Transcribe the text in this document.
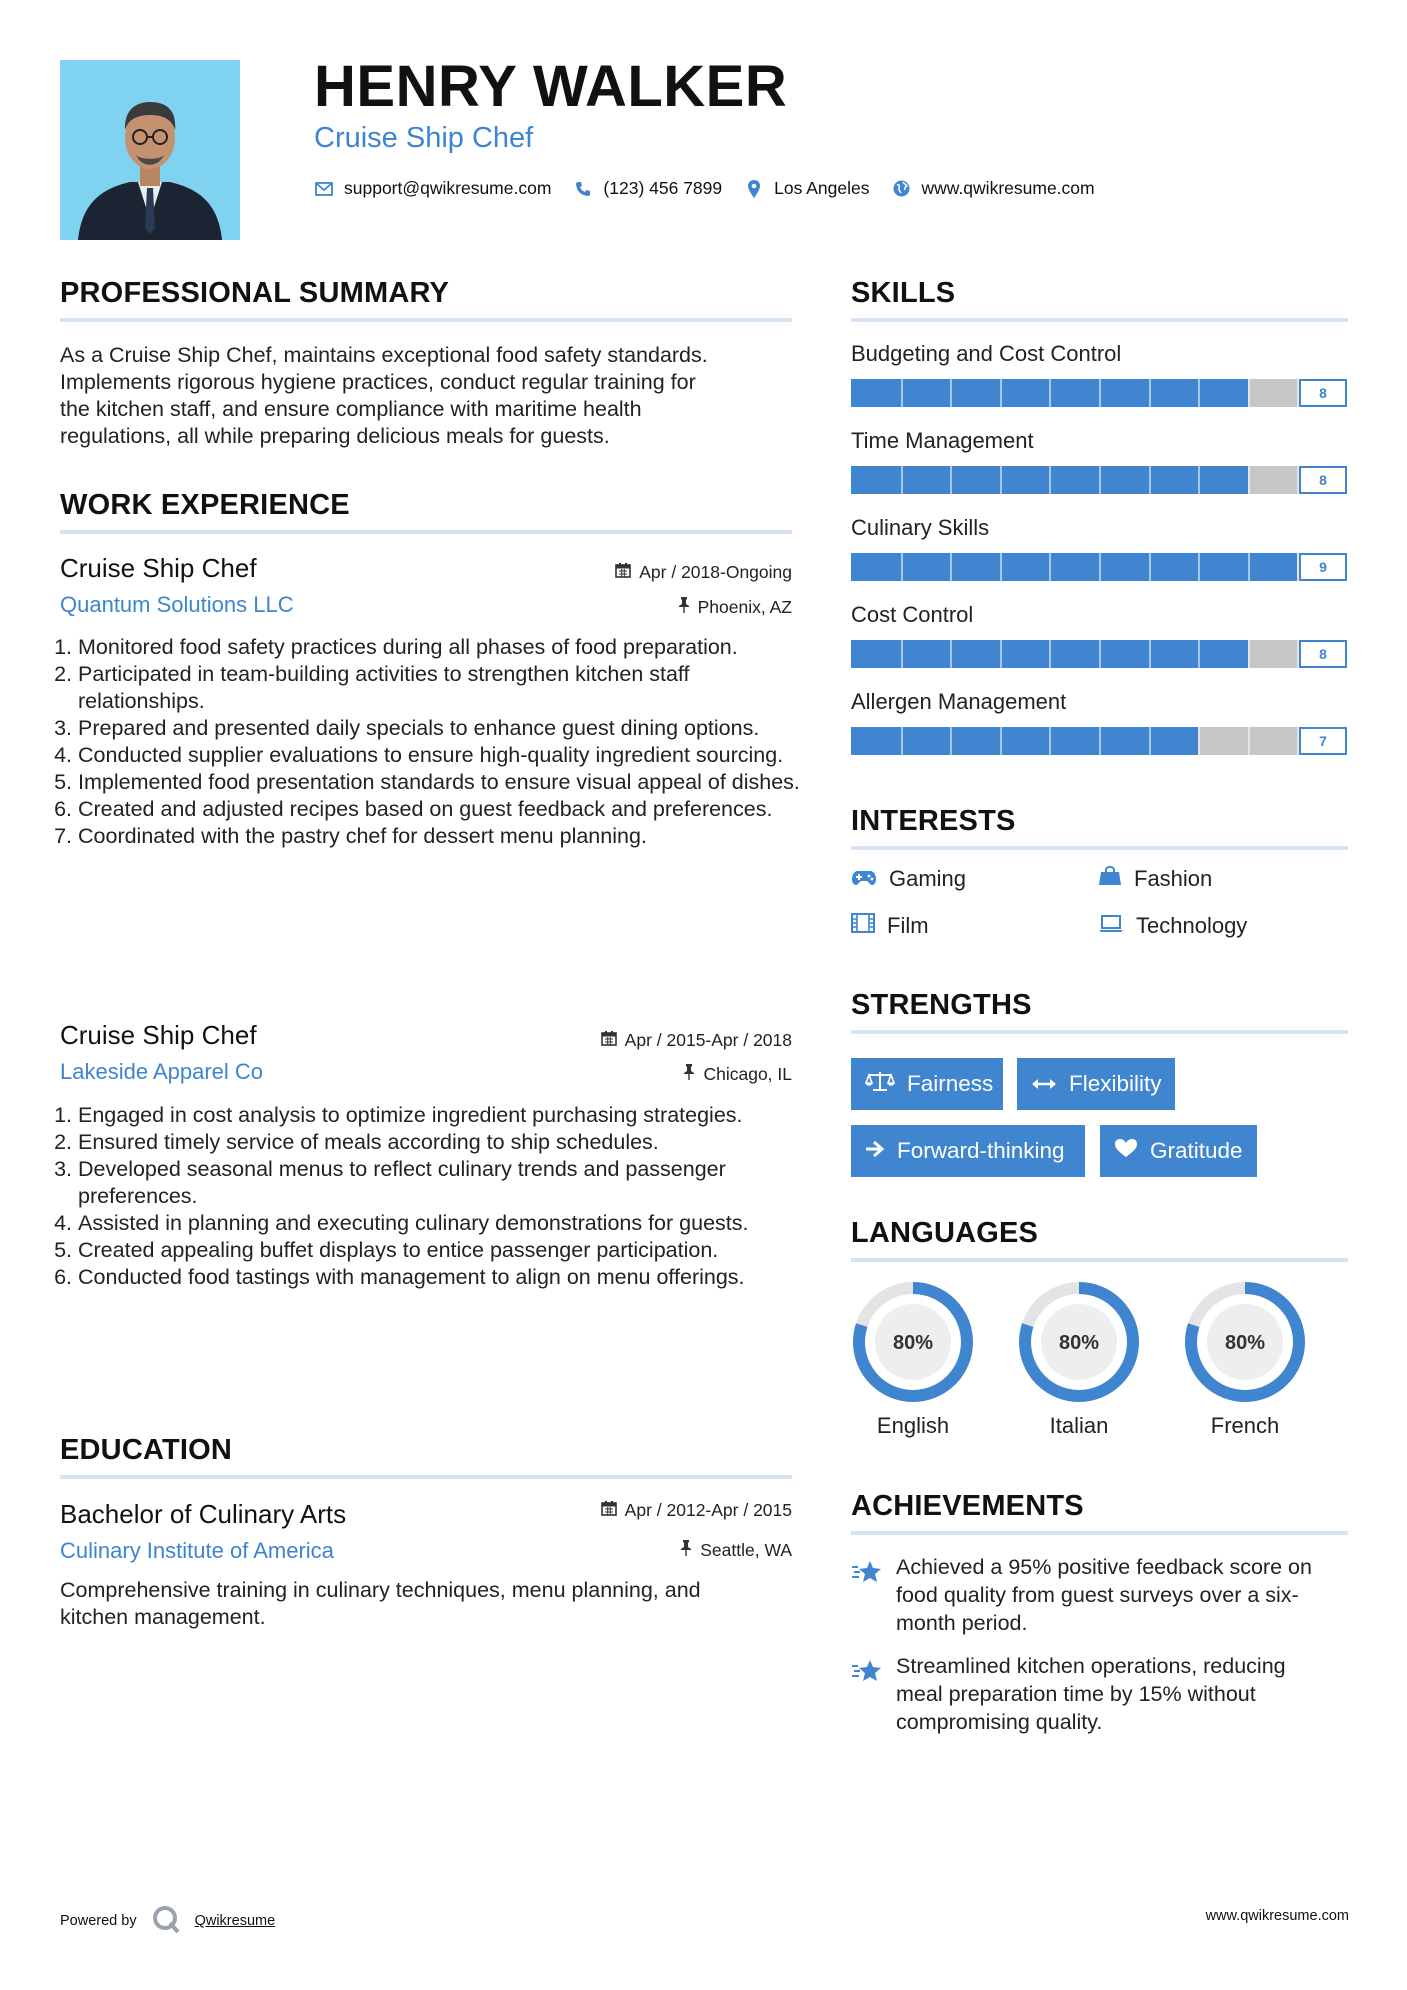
HENRY WALKER
Cruise Ship Chef
support@qwikresume.com	(123) 456 7899	Los Angeles	www.qwikresume.com
PROFESSIONAL SUMMARY
As a Cruise Ship Chef, maintains exceptional food safety standards.
Implements rigorous hygiene practices, conduct regular training for
the kitchen staff, and ensure compliance with maritime health
regulations, all while preparing delicious meals for guests.
WORK EXPERIENCE
Cruise Ship Chef	Apr / 2018-Ongoing
Quantum Solutions LLC	Phoenix, AZ
1. Monitored food safety practices during all phases of food preparation.
2. Participated in team-building activities to strengthen kitchen staff relationships.
3. Prepared and presented daily specials to enhance guest dining options.
4. Conducted supplier evaluations to ensure high-quality ingredient sourcing.
5. Implemented food presentation standards to ensure visual appeal of dishes.
6. Created and adjusted recipes based on guest feedback and preferences.
7. Coordinated with the pastry chef for dessert menu planning.
Cruise Ship Chef	Apr / 2015-Apr / 2018
Lakeside Apparel Co	Chicago, IL
1. Engaged in cost analysis to optimize ingredient purchasing strategies.
2. Ensured timely service of meals according to ship schedules.
3. Developed seasonal menus to reflect culinary trends and passenger preferences.
4. Assisted in planning and executing culinary demonstrations for guests.
5. Created appealing buffet displays to entice passenger participation.
6. Conducted food tastings with management to align on menu offerings.
EDUCATION
Bachelor of Culinary Arts	Apr / 2012-Apr / 2015
Culinary Institute of America	Seattle, WA
Comprehensive training in culinary techniques, menu planning, and
kitchen management.
SKILLS
Budgeting and Cost Control
8
Time Management
8
Culinary Skills
9
Cost Control
8
Allergen Management
7
INTERESTS
Gaming	Fashion
Film	Technology
STRENGTHS
Fairness	Flexibility
Forward-thinking	Gratitude
LANGUAGES
80%
English
80%
Italian
80%
French
ACHIEVEMENTS
Achieved a 95% positive feedback score on
food quality from guest surveys over a six-
month period.
Streamlined kitchen operations, reducing
meal preparation time by 15% without
compromising quality.
Powered by	Qwikresume	www.qwikresume.com
